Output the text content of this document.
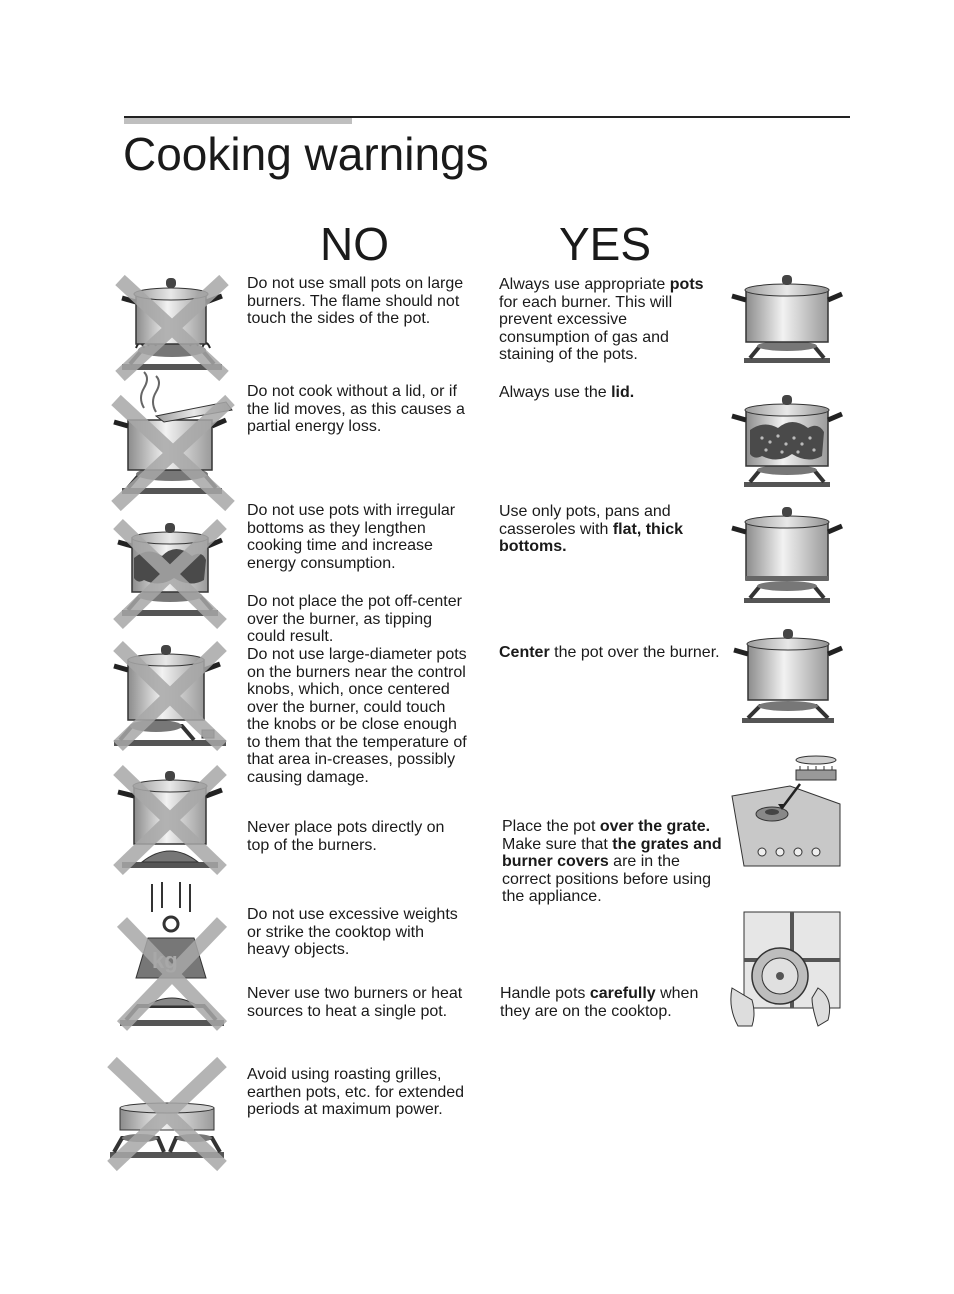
Cooking warnings
NO	YES
Do not use small pots on large burners. The flame should not touch the sides of the pot.
Do not cook without a lid, or if the lid moves, as this causes a partial energy loss.
Do not use pots with irregular bottoms as they lengthen cooking time and increase energy consumption.
Do not place the pot off-center over the burner, as tipping could result.
Do not use large-diameter pots on the burners near the control knobs, which, once centered over the burner, could touch the knobs or be close enough to them that the temperature of that area in-creases, possibly causing damage.
Never place pots directly on top of the burners.
Do not use excessive weights or strike the cooktop with heavy objects.
Never use two burners or heat sources to heat a single pot.
Avoid using roasting grilles, earthen pots, etc. for extended periods at maximum power.
Always use appropriate pots for each burner. This will prevent excessive consumption of gas and staining of the pots.
Always use the lid.
Use only pots, pans and casseroles with flat, thick bottoms.
Center the pot over the burner.
Place the pot over the grate. Make sure that the grates and burner covers are in the correct positions before using the appliance.
Handle pots carefully when they are on the cooktop.
